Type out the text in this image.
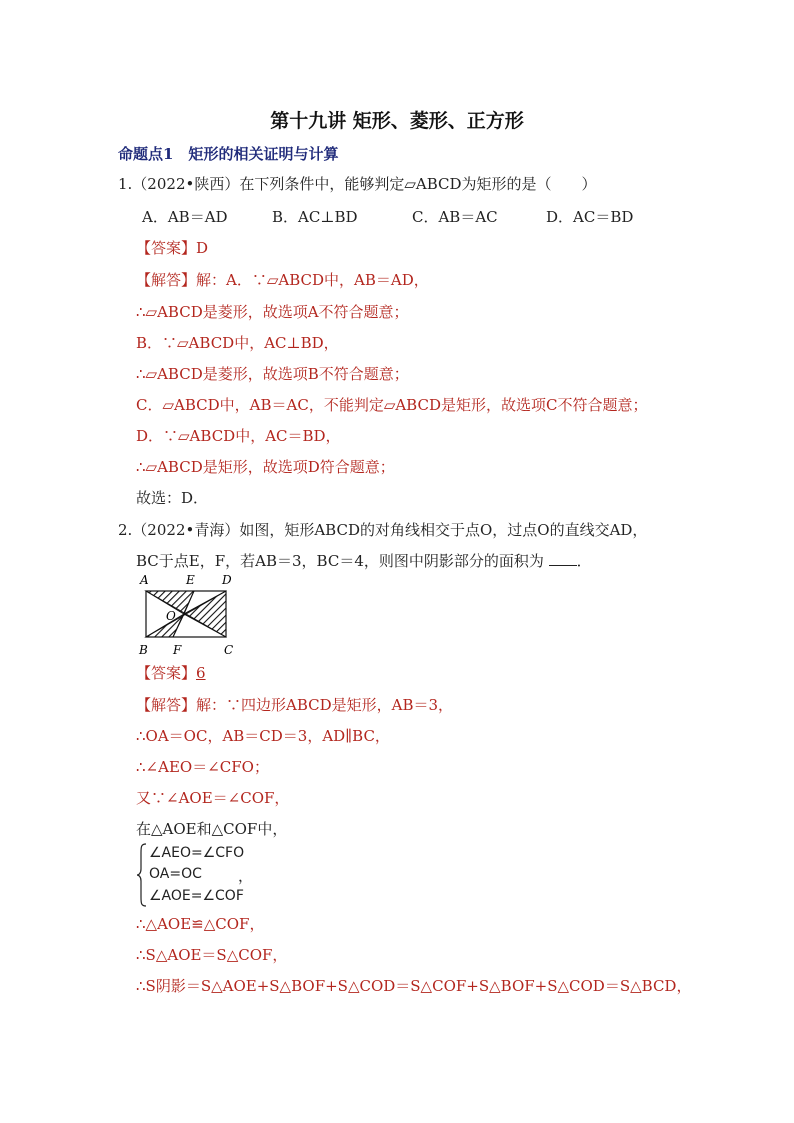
第十九讲 矩形、菱形、正方形
命题点1　矩形的相关证明与计算
1.（2022•陕西）在下列条件中，能够判定▱ABCD为矩形的是（　　）
A．AB＝AD	B．AC⊥BD	C．AB＝AC	D．AC＝BD
【答案】D
【解答】解：A．∵▱ABCD中，AB＝AD，
∴▱ABCD是菱形，故选项A不符合题意；
B．∵▱ABCD中，AC⊥BD，
∴▱ABCD是菱形，故选项B不符合题意；
C．▱ABCD中，AB＝AC，不能判定▱ABCD是矩形，故选项C不符合题意；
D．∵▱ABCD中，AC＝BD，
∴▱ABCD是矩形，故选项D符合题意；
故选：D．
2.（2022•青海）如图，矩形ABCD的对角线相交于点O，过点O的直线交AD，
BC于点E，F，若AB＝3，BC＝4，则图中阴影部分的面积为 ．
A	E D
O
B F	C
【答案】6
【解答】解：∵四边形ABCD是矩形，AB＝3，
∴OA＝OC，AB＝CD＝3，AD∥BC，
∴∠AEO＝∠CFO；
又∵∠AOE＝∠COF，
在△AOE和△COF中，
∠AEO=∠CFO
OA=OC
∠AOE=∠COF
，
∴△AOE≌△COF，
∴S△AOE＝S△COF，
∴S阴影＝S△AOE+S△BOF+S△COD＝S△COF+S△BOF+S△COD＝S△BCD，
